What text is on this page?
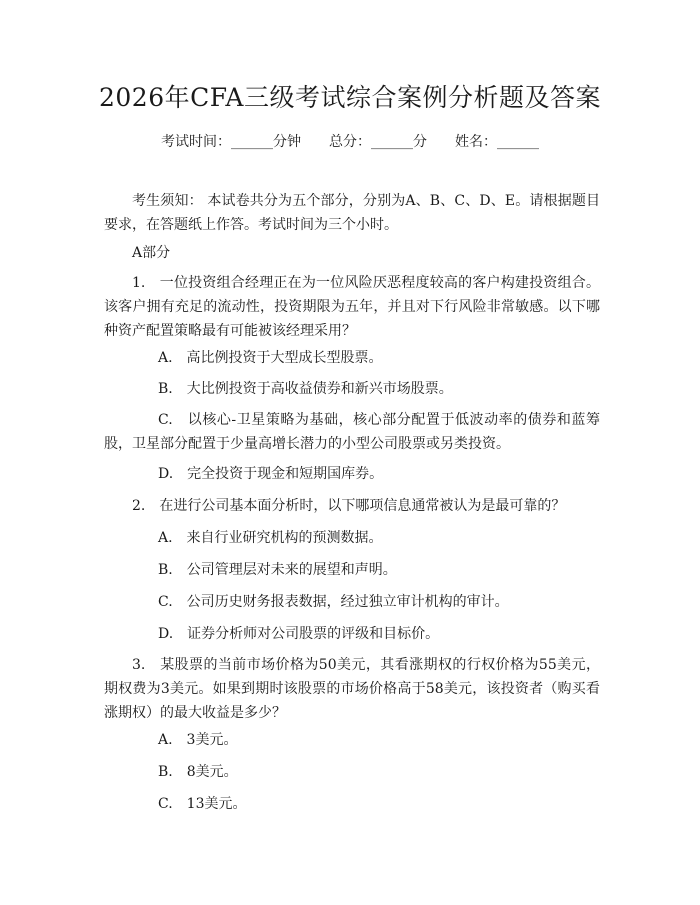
2026年CFA三级考试综合案例分析题及答案
考试时间：______分钟 总分：______分 姓名：______
考生须知： 本试卷共分为五个部分，分别为A、B、C、D、E。请根据题目要求，在答题纸上作答。考试时间为三个小时。
A部分
1.　一位投资组合经理正在为一位风险厌恶程度较高的客户构建投资组合。该客户拥有充足的流动性，投资期限为五年，并且对下行风险非常敏感。以下哪种资产配置策略最有可能被该经理采用？
A.　高比例投资于大型成长型股票。
B.　大比例投资于高收益债券和新兴市场股票。
C.　以核心-卫星策略为基础，核心部分配置于低波动率的债券和蓝筹股，卫星部分配置于少量高增长潜力的小型公司股票或另类投资。
D.　完全投资于现金和短期国库券。
2.　在进行公司基本面分析时，以下哪项信息通常被认为是最可靠的？
A.　来自行业研究机构的预测数据。
B.　公司管理层对未来的展望和声明。
C.　公司历史财务报表数据，经过独立审计机构的审计。
D.　证券分析师对公司股票的评级和目标价。
3.　某股票的当前市场价格为50美元，其看涨期权的行权价格为55美元，期权费为3美元。如果到期时该股票的市场价格高于58美元，该投资者（购买看涨期权）的最大收益是多少？
A.　3美元。
B.　8美元。
C.　13美元。
